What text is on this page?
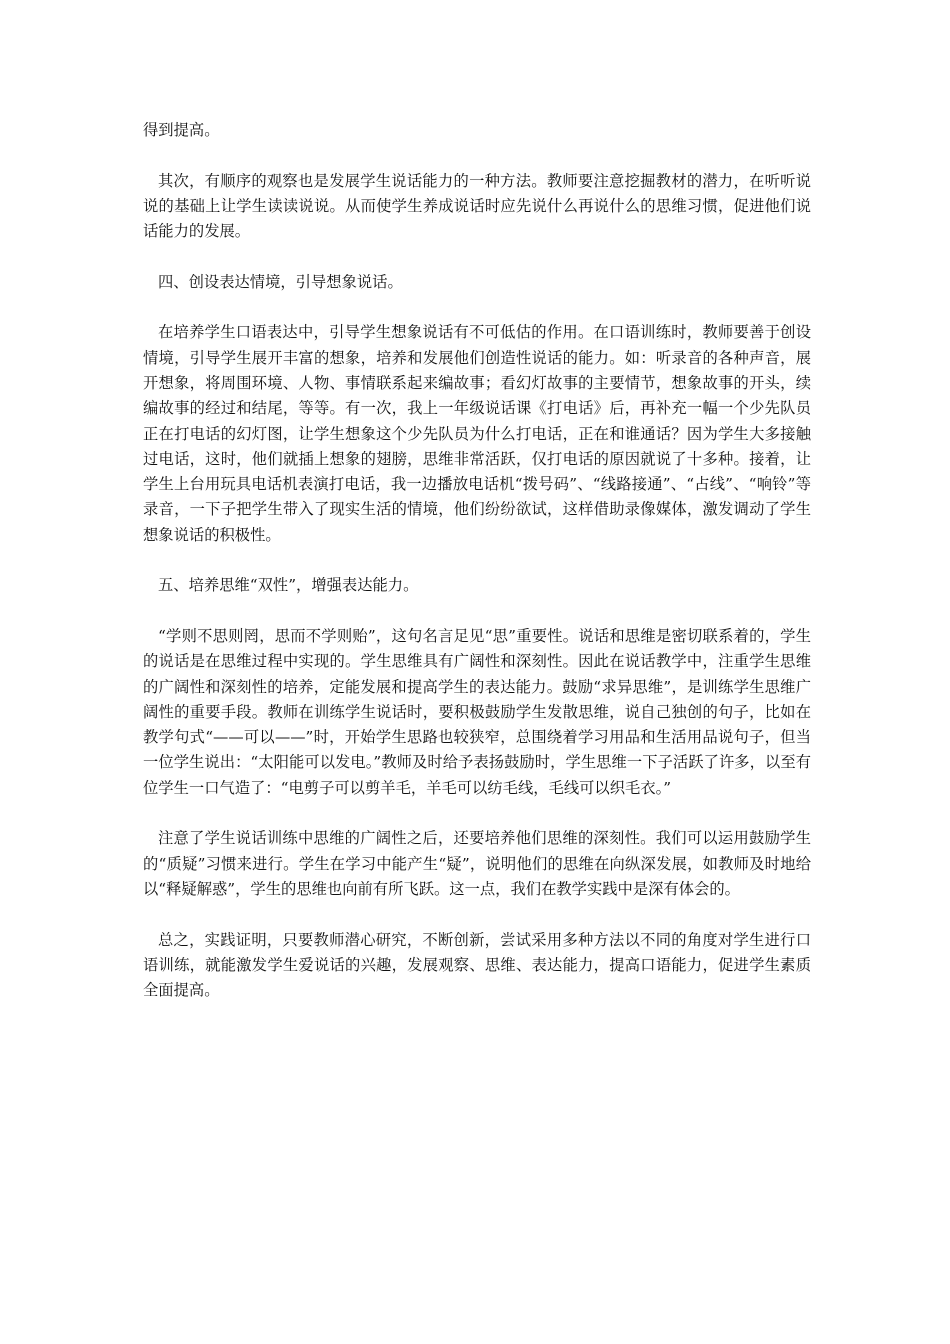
得到提高。

其次，有顺序的观察也是发展学生说话能力的一种方法。教师要注意挖掘教材的潜力，在听听说说的基础上让学生读读说说。从而使学生养成说话时应先说什么再说什么的思维习惯，促进他们说话能力的发展。

四、创设表达情境，引导想象说话。

在培养学生口语表达中，引导学生想象说话有不可低估的作用。在口语训练时，教师要善于创设情境，引导学生展开丰富的想象，培养和发展他们创造性说话的能力。如：听录音的各种声音，展开想象，将周围环境、人物、事情联系起来编故事；看幻灯故事的主要情节，想象故事的开头，续编故事的经过和结尾，等等。有一次，我上一年级说话课《打电话》后，再补充一幅一个少先队员正在打电话的幻灯图，让学生想象这个少先队员为什么打电话，正在和谁通话？因为学生大多接触过电话，这时，他们就插上想象的翅膀，思维非常活跃，仅打电话的原因就说了十多种。接着，让学生上台用玩具电话机表演打电话，我一边播放电话机“拨号码”、“线路接通”、“占线”、“响铃”等录音，一下子把学生带入了现实生活的情境，他们纷纷欲试，这样借助录像媒体，激发调动了学生想象说话的积极性。

五、培养思维“双性”，增强表达能力。

“学则不思则罔，思而不学则贻”，这句名言足见“思”重要性。说话和思维是密切联系着的，学生的说话是在思维过程中实现的。学生思维具有广阔性和深刻性。因此在说话教学中，注重学生思维的广阔性和深刻性的培养，定能发展和提高学生的表达能力。鼓励“求异思维”，是训练学生思维广阔性的重要手段。教师在训练学生说话时，要积极鼓励学生发散思维，说自己独创的句子，比如在教学句式“——可以——”时，开始学生思路也较狭窄，总围绕着学习用品和生活用品说句子，但当一位学生说出：“太阳能可以发电。”教师及时给予表扬鼓励时，学生思维一下子活跃了许多，以至有位学生一口气造了：“电剪子可以剪羊毛，羊毛可以纺毛线，毛线可以织毛衣。”

注意了学生说话训练中思维的广阔性之后，还要培养他们思维的深刻性。我们可以运用鼓励学生的“质疑”习惯来进行。学生在学习中能产生“疑”，说明他们的思维在向纵深发展，如教师及时地给以“释疑解惑”，学生的思维也向前有所飞跃。这一点，我们在教学实践中是深有体会的。

总之，实践证明，只要教师潜心研究，不断创新，尝试采用多种方法以不同的角度对学生进行口语训练，就能激发学生爱说话的兴趣，发展观察、思维、表达能力，提高口语能力，促进学生素质全面提高。
